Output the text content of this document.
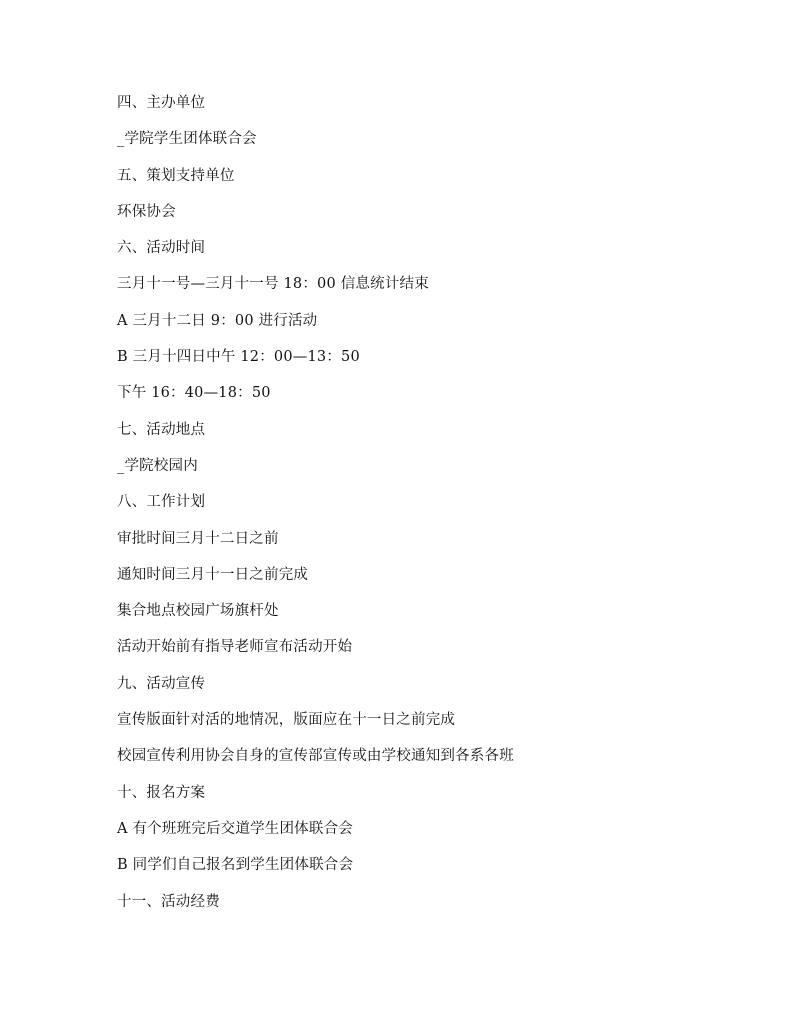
四、主办单位
_学院学生团体联合会
五、策划支持单位
环保协会
六、活动时间
三月十一号—三月十一号 18：00 信息统计结束
A 三月十二日 9：00 进行活动
B 三月十四日中午 12：00—13：50
下午 16：40—18：50
七、活动地点
_学院校园内
八、工作计划
审批时间三月十二日之前
通知时间三月十一日之前完成
集合地点校园广场旗杆处
活动开始前有指导老师宣布活动开始
九、活动宣传
宣传版面针对活的地情况，版面应在十一日之前完成
校园宣传利用协会自身的宣传部宣传或由学校通知到各系各班
十、报名方案
A 有个班班完后交道学生团体联合会
B 同学们自己报名到学生团体联合会
十一、活动经费
